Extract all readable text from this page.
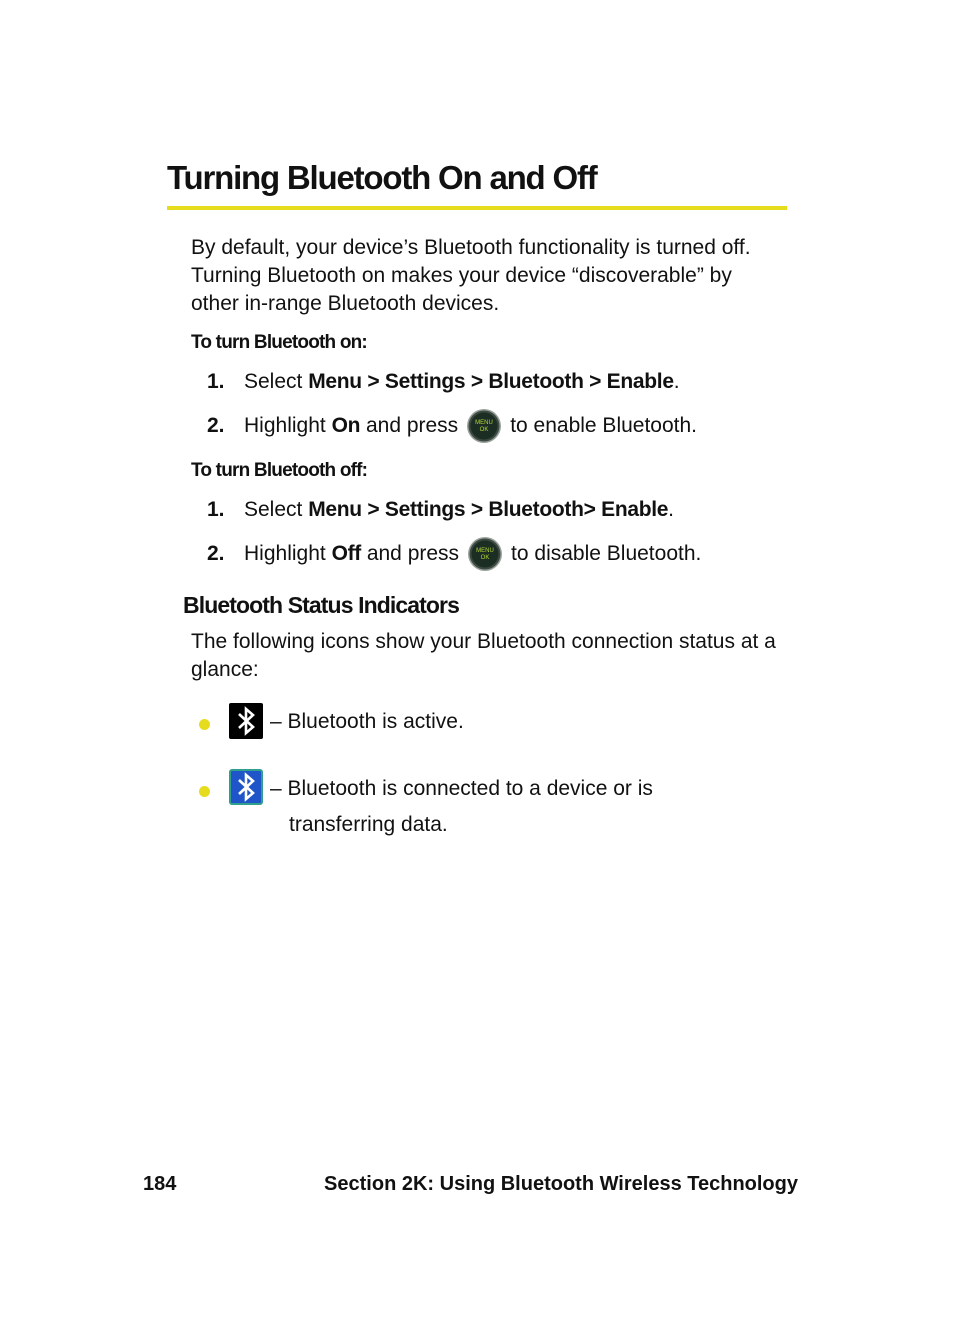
Turning Bluetooth On and Off

By default, your device’s Bluetooth functionality is turned off. Turning Bluetooth on makes your device “discoverable” by other in-range Bluetooth devices.

To turn Bluetooth on:

1. Select Menu > Settings > Bluetooth > Enable.
2. Highlight On and press	MENU
OK to enable Bluetooth.

To turn Bluetooth off:

1. Select Menu > Settings > Bluetooth> Enable.
2. Highlight Off and press	MENU
OK to disable Bluetooth.
Bluetooth Status Indicators

The following icons show your Bluetooth connection status at a glance:

– Bluetooth is active.

– Bluetooth is connected to a device or is

transferring data.

184	Section 2K: Using Bluetooth Wireless Technology
